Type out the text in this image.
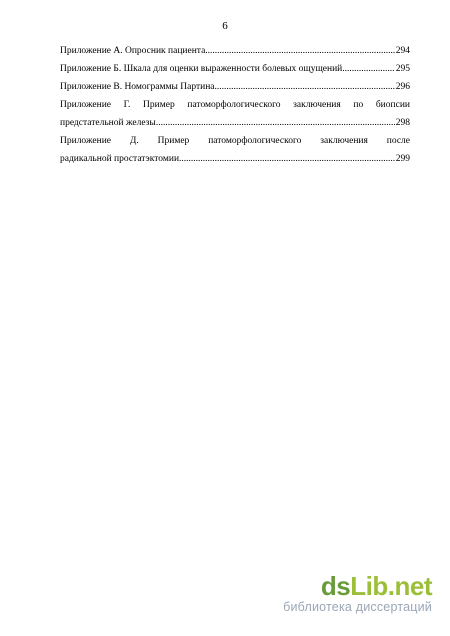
6
Приложение А. Опросник пациента .....	294
Приложение Б. Шкала для оценки выраженности болевых ощущений .....	295
Приложение В. Номограммы Партина .....	296
Приложение Г. Пример патоморфологического заключения по биопсии
предстательной железы .....	298
Приложение Д. Пример патоморфологического заключения после
радикальной простатэктомии .....	299
dsLib.net
библиотека диссертаций
